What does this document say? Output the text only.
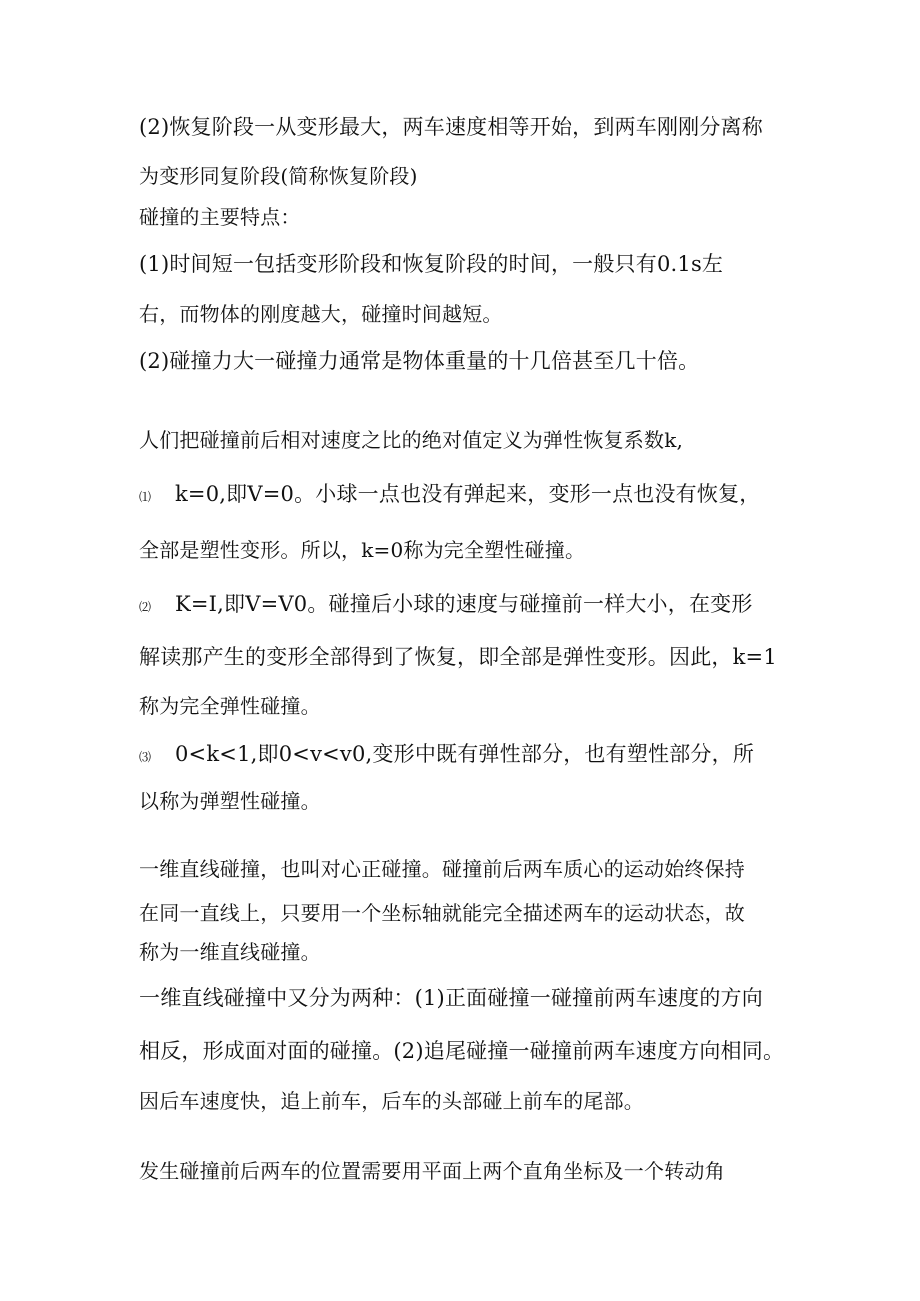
(2)恢复阶段一从变形最大，两车速度相等开始，到两车刚刚分离称
为变形同复阶段(简称恢复阶段)
碰撞的主要特点：
(1)时间短一包括变形阶段和恢复阶段的时间，一般只有0.1s左
右，而物体的刚度越大，碰撞时间越短。
(2)碰撞力大一碰撞力通常是物体重量的十几倍甚至几十倍。
人们把碰撞前后相对速度之比的绝对值定义为弹性恢复系数k,
⑴ k=0,即V=0。小球一点也没有弹起来，变形一点也没有恢复，
全部是塑性变形。所以，k=0称为完全塑性碰撞。
⑵ K=I,即V=V0。碰撞后小球的速度与碰撞前一样大小，在变形
解读那产生的变形全部得到了恢复，即全部是弹性变形。因此，k=1
称为完全弹性碰撞。
⑶ 0<k<1,即0<v<v0,变形中既有弹性部分，也有塑性部分，所
以称为弹塑性碰撞。
一维直线碰撞，也叫对心正碰撞。碰撞前后两车质心的运动始终保持
在同一直线上，只要用一个坐标轴就能完全描述两车的运动状态，故
称为一维直线碰撞。
一维直线碰撞中又分为两种：(1)正面碰撞一碰撞前两车速度的方向
相反，形成面对面的碰撞。(2)追尾碰撞一碰撞前两车速度方向相同。
因后车速度快，追上前车，后车的头部碰上前车的尾部。
发生碰撞前后两车的位置需要用平面上两个直角坐标及一个转动角
